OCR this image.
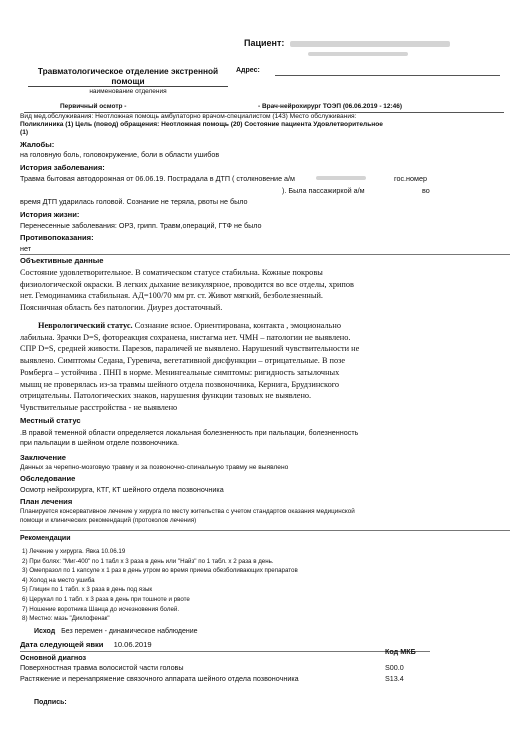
Пациент:
Травматологическое отделение экстренной помощи
наименование отделения
Адрес:
Первичный осмотр -	- Врач-нейрохирург ТОЭП (06.06.2019 - 12:46)
Вид мед.обслуживания: Неотложная помощь амбулаторно врачом-специалистом (143) Место обслуживания:
Поликлиника (1) Цель (повод) обращения: Неотложная помощь (20) Состояние пациента Удовлетворительное
(1)
Жалобы:
на головную боль, головокружение, боли в области ушибов
История заболевания:
Травма бытовая автодорожная от 06.06.19. Пострадала в ДТП ( столкновение а/м	гос.номер
). Была пассажиркой а/м	во
время ДТП ударилась головой. Сознание не теряла, рвоты не было
История жизни:
Перенесенные заболевания: ОРЗ, грипп. Травм,операций, ГТФ не было
Противопоказания:
нет
Объективные данные
Состояние удовлетворительное. В соматическом статусе стабильна. Кожные покровы
физиологической окраски. В легких дыхание везикулярное, проводится во все отделы, хрипов
нет. Гемодинамика стабильная. АД=100/70 мм рт. ст. Живот мягкий, безболезненный.
Поясничная область без патологии. Диурез достаточный.
Неврологический статус. Сознание ясное. Ориентирована, контакта , эмоционально
лабильна. Зрачки D=S, фотореакция сохранена, нистагма нет. ЧМН – патологии не выявлено.
СПР D=S, средней живости. Парезов, параличей не выявлено. Нарушений чувствительности не
выявлено. Симптомы Седана, Гуревича, вегетативной дисфункции – отрицательные. В позе
Ромберга – устойчива . ПНП в норме. Менингеальные симптомы: ригидность затылочных
мышц не проверялась из-за травмы шейного отдела позвоночника, Кернига, Брудзинского
отрицательны. Патологических знаков, нарушения функции тазовых не выявлено.
Чувствительные расстройства - не выявлено
Местный статус
.В правой теменной области определяется локальная болезненность при пальпации, болезненность
при пальпации в шейном отделе позвоночника.
Заключение
Данных за черепно-мозговую травму и за позвоночно-спинальную травму не выявлено
Обследование
Осмотр нейрохирурга, КТГ, КТ шейного отдела позвоночника
План лечения
Планируется консервативное лечение у хирурга по месту жительства с учетом стандартов оказания медицинской
помощи и клинических рекомендаций (протоколов лечения)
Рекомендации
1) Лечение у хирурга. Явка 10.06.19
2) При болях: "Миг-400" по 1 табл х 3 раза в день или "Найз" по 1 табл. х 2 раза в день.
3) Омепразол по 1 капсуле х 1 раз в день утром во время приема обезболивающих препаратов
4) Холод на место ушиба
5) Глицин по 1 табл. х 3 раза в день под язык
6) Церукал по 1 табл. х 3 раза в день при тошноте и рвоте
7) Ношение воротника Шанца до исчезновения болей.
8) Местно: мазь "Диклофенак"
Исход Без перемен - динамическое наблюдение
Дата следующей явки 10.06.2019
Основной диагноз
Код МКБ
Поверхностная травма волосистой части головы	S00.0
Растяжение и перенапряжение связочного аппарата шейного отдела позвоночника	S13.4
Подпись:
